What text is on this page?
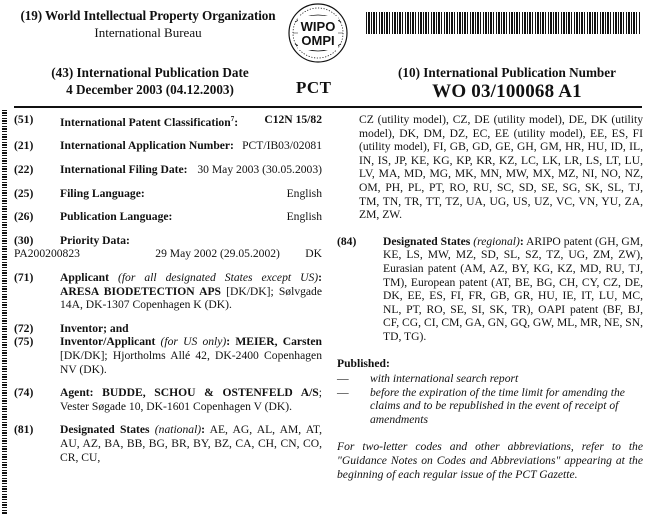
(19) World Intellectual Property Organization
International Bureau	WIPO
OMPI
(43) International Publication Date
4 December 2003 (04.12.2003)	PCT
(10) International Publication Number
WO 03/100068 A1
(51) International Patent Classification$^7$: C12N 15/82
(21) International Application Number: PCT/IB03/02081
(22) International Filing Date: 30 May 2003 (30.05.2003)
(25) Filing Language:	English
(26) Publication Language:	English
(30) Priority Data:
PA200200823	29 May 2002 (29.05.2002) DK
(71) Applicant (for all designated States except US): ARESA BIODETECTION APS [DK/DK]; Sølvgade 14A, DK-1307 Copenhagen K (DK).
(72) Inventor; and
(75) Inventor/Applicant (for US only): MEIER, Carsten [DK/DK]; Hjortholms Allé 42, DK-2400 Copenhagen NV (DK).
(74) Agent: BUDDE, SCHOU & OSTENFELD A/S; Vester Søgade 10, DK-1601 Copenhagen V (DK).
(81) Designated States (national): AE, AG, AL, AM, AT, AU, AZ, BA, BB, BG, BR, BY, BZ, CA, CH, CN, CO, CR, CU,
CZ (utility model), CZ, DE (utility model), DE, DK (utility model), DK, DM, DZ, EC, EE (utility model), EE, ES, FI (utility model), FI, GB, GD, GE, GH, GM, HR, HU, ID, IL, IN, IS, JP, KE, KG, KP, KR, KZ, LC, LK, LR, LS, LT, LU, LV, MA, MD, MG, MK, MN, MW, MX, MZ, NI, NO, NZ, OM, PH, PL, PT, RO, RU, SC, SD, SE, SG, SK, SL, TJ, TM, TN, TR, TT, TZ, UA, UG, US, UZ, VC, VN, YU, ZA, ZM, ZW.
(84)	Designated States (regional): ARIPO patent (GH, GM, KE, LS, MW, MZ, SD, SL, SZ, TZ, UG, ZM, ZW), Eurasian patent (AM, AZ, BY, KG, KZ, MD, RU, TJ, TM), European patent (AT, BE, BG, CH, CY, CZ, DE, DK, EE, ES, FI, FR, GB, GR, HU, IE, IT, LU, MC, NL, PT, RO, SE, SI, SK, TR), OAPI patent (BF, BJ, CF, CG, CI, CM, GA, GN, GQ, GW, ML, MR, NE, SN, TD, TG).
Published:
— with international search report
— before the expiration of the time limit for amending the claims and to be republished in the event of receipt of amendments
For two-letter codes and other abbreviations, refer to the "Guidance Notes on Codes and Abbreviations" appearing at the beginning of each regular issue of the PCT Gazette.
